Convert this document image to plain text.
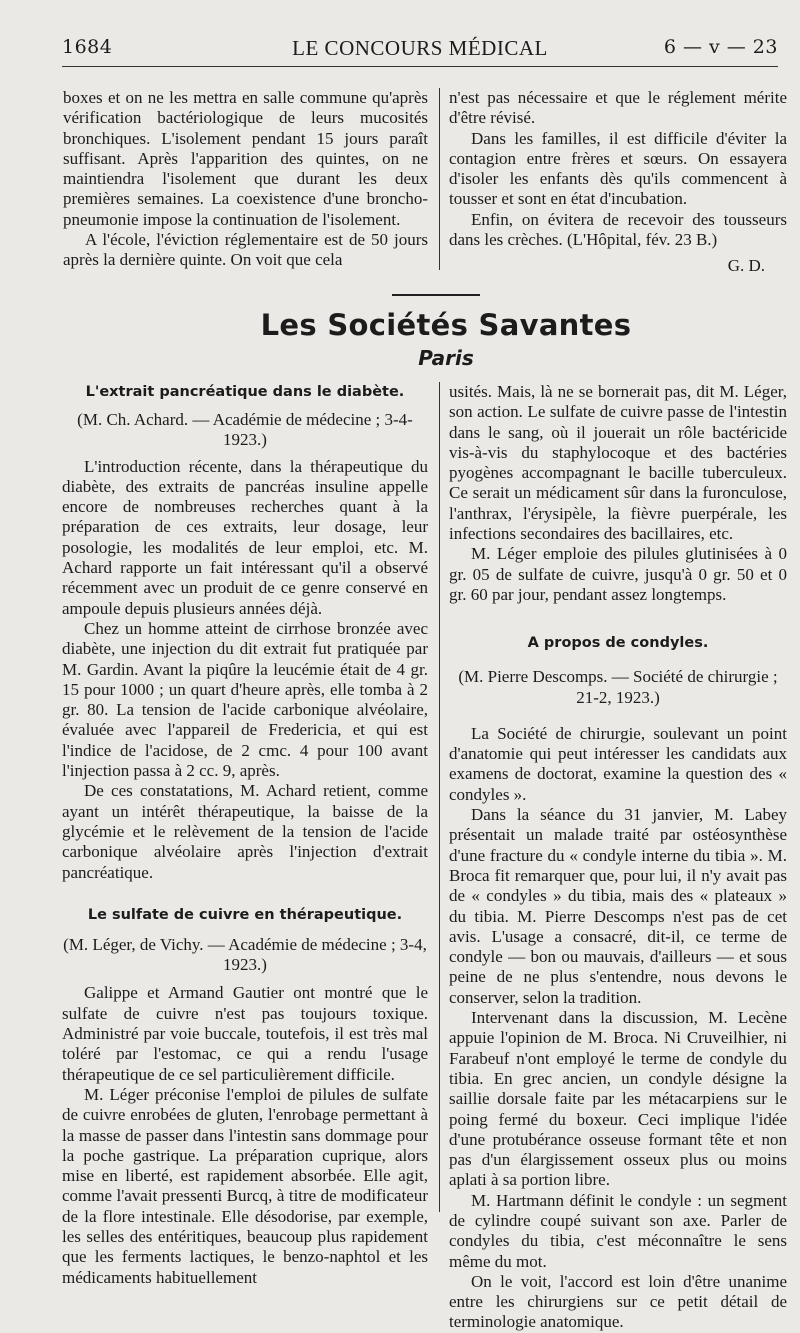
1684	LE CONCOURS MÉDICAL	6 — v — 23

boxes et on ne les mettra en salle commune qu'après vérification bactériologique de leurs mucosités bronchiques. L'isolement pendant 15 jours paraît suffisant. Après l'apparition des quintes, on ne maintiendra l'isolement que durant les deux premières semaines. La coexistence d'une broncho-pneumonie impose la continuation de l'isolement.

A l'école, l'éviction réglementaire est de 50 jours après la dernière quinte. On voit que cela

n'est pas nécessaire et que le réglement mérite d'être révisé.

Dans les familles, il est difficile d'éviter la contagion entre frères et sœurs. On essayera d'isoler les enfants dès qu'ils commencent à tousser et sont en état d'incubation.

Enfin, on évitera de recevoir des tousseurs dans les crèches. (L'Hôpital, fév. 23 B.)

G. D.

Les Sociétés Savantes
Paris
L'extrait pancréatique dans le diabète.

(M. Ch. Achard. — Académie de médecine ; 3-4-1923.)

L'introduction récente, dans la thérapeutique du diabète, des extraits de pancréas insuline appelle encore de nombreuses recherches quant à la préparation de ces extraits, leur dosage, leur posologie, les modalités de leur emploi, etc. M. Achard rapporte un fait intéressant qu'il a observé récemment avec un produit de ce genre conservé en ampoule depuis plusieurs années déjà.

Chez un homme atteint de cirrhose bronzée avec diabète, une injection du dit extrait fut pratiquée par M. Gardin. Avant la piqûre la leucémie était de 4 gr. 15 pour 1000 ; un quart d'heure après, elle tomba à 2 gr. 80. La tension de l'acide carbonique alvéolaire, évaluée avec l'appareil de Fredericia, et qui est l'indice de l'acidose, de 2 cmc. 4 pour 100 avant l'injection passa à 2 cc. 9, après.

De ces constatations, M. Achard retient, comme ayant un intérêt thérapeutique, la baisse de la glycémie et le relèvement de la tension de l'acide carbonique alvéolaire après l'injection d'extrait pancréatique.

Le sulfate de cuivre en thérapeutique.

(M. Léger, de Vichy. — Académie de médecine ; 3-4, 1923.)

Galippe et Armand Gautier ont montré que le sulfate de cuivre n'est pas toujours toxique. Administré par voie buccale, toutefois, il est très mal toléré par l'estomac, ce qui a rendu l'usage thérapeutique de ce sel particulièrement difficile.

M. Léger préconise l'emploi de pilules de sulfate de cuivre enrobées de gluten, l'enrobage permettant à la masse de passer dans l'intestin sans dommage pour la poche gastrique. La préparation cuprique, alors mise en liberté, est rapidement absorbée. Elle agit, comme l'avait pressenti Burcq, à titre de modificateur de la flore intestinale. Elle désodorise, par exemple, les selles des entéritiques, beaucoup plus rapidement que les ferments lactiques, le benzo-naphtol et les médicaments habituellement

usités. Mais, là ne se bornerait pas, dit M. Léger, son action. Le sulfate de cuivre passe de l'intestin dans le sang, où il jouerait un rôle bactéricide vis-à-vis du staphylocoque et des bactéries pyogènes accompagnant le bacille tuberculeux. Ce serait un médicament sûr dans la furonculose, l'anthrax, l'érysipèle, la fièvre puerpérale, les infections secondaires des bacillaires, etc.

M. Léger emploie des pilules glutinisées à 0 gr. 05 de sulfate de cuivre, jusqu'à 0 gr. 50 et 0 gr. 60 par jour, pendant assez longtemps.

A propos de condyles.

(M. Pierre Descomps. — Société de chirurgie ; 21-2, 1923.)

La Société de chirurgie, soulevant un point d'anatomie qui peut intéresser les candidats aux examens de doctorat, examine la question des « condyles ».

Dans la séance du 31 janvier, M. Labey présentait un malade traité par ostéosynthèse d'une fracture du « condyle interne du tibia ». M. Broca fit remarquer que, pour lui, il n'y avait pas de « condyles » du tibia, mais des « plateaux » du tibia. M. Pierre Descomps n'est pas de cet avis. L'usage a consacré, dit-il, ce terme de condyle — bon ou mauvais, d'ailleurs — et sous peine de ne plus s'entendre, nous devons le conserver, selon la tradition.

Intervenant dans la discussion, M. Lecène appuie l'opinion de M. Broca. Ni Cruveilhier, ni Farabeuf n'ont employé le terme de condyle du tibia. En grec ancien, un condyle désigne la saillie dorsale faite par les métacarpiens sur le poing fermé du boxeur. Ceci implique l'idée d'une protubérance osseuse formant tête et non pas d'un élargissement osseux plus ou moins aplati à sa portion libre.

M. Hartmann définit le condyle : un segment de cylindre coupé suivant son axe. Parler de condyles du tibia, c'est méconnaître le sens même du mot.

On le voit, l'accord est loin d'être unanime entre les chirurgiens sur ce petit détail de terminologie anatomique.
